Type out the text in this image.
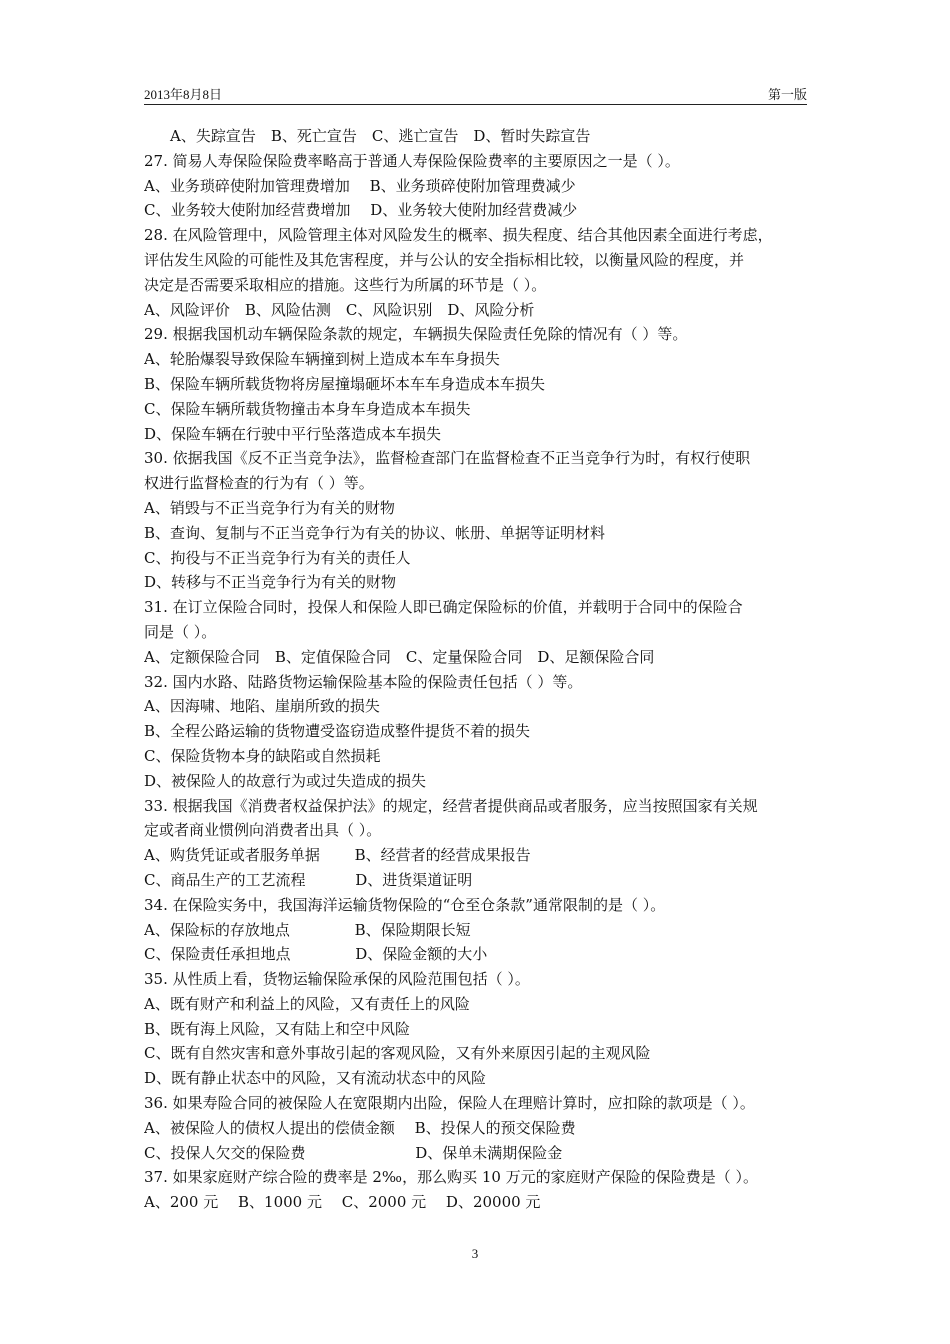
2013年8月8日	第一版
A、失踪宣告　B、死亡宣告　C、逃亡宣告　D、暂时失踪宣告
27. 简易人寿保险保险费率略高于普通人寿保险保险费率的主要原因之一是（ ）。
A、业务琐碎使附加管理费增加　 B、业务琐碎使附加管理费减少
C、业务较大使附加经营费增加　 D、业务较大使附加经营费减少
28. 在风险管理中，风险管理主体对风险发生的概率、损失程度、结合其他因素全面进行考虑，
评估发生风险的可能性及其危害程度，并与公认的安全指标相比较，以衡量风险的程度，并
决定是否需要采取相应的措施。这些行为所属的环节是（ ）。
A、风险评价　B、风险估测　C、风险识别　D、风险分析
29. 根据我国机动车辆保险条款的规定，车辆损失保险责任免除的情况有（ ）等。
A、轮胎爆裂导致保险车辆撞到树上造成本车车身损失
B、保险车辆所载货物将房屋撞塌砸坏本车车身造成本车损失
C、保险车辆所载货物撞击本身车身造成本车损失
D、保险车辆在行驶中平行坠落造成本车损失
30. 依据我国《反不正当竞争法》，监督检查部门在监督检查不正当竞争行为时，有权行使职
权进行监督检查的行为有（ ）等。
A、销毁与不正当竞争行为有关的财物
B、查询、复制与不正当竞争行为有关的协议、帐册、单据等证明材料
C、拘役与不正当竞争行为有关的责任人
D、转移与不正当竞争行为有关的财物
31. 在订立保险合同时，投保人和保险人即已确定保险标的价值，并载明于合同中的保险合
同是（ ）。
A、定额保险合同　B、定值保险合同　C、定量保险合同　D、足额保险合同
32. 国内水路、陆路货物运输保险基本险的保险责任包括（ ）等。
A、因海啸、地陷、崖崩所致的损失
B、全程公路运输的货物遭受盗窃造成整件提货不着的损失
C、保险货物本身的缺陷或自然损耗
D、被保险人的故意行为或过失造成的损失
33. 根据我国《消费者权益保护法》的规定，经营者提供商品或者服务，应当按照国家有关规
定或者商业惯例向消费者出具（ ）。
A、购货凭证或者服务单据　　 B、经营者的经营成果报告
C、商品生产的工艺流程　　　 D、进货渠道证明
34. 在保险实务中，我国海洋运输货物保险的“仓至仓条款”通常限制的是（ ）。
A、保险标的存放地点　　　　 B、保险期限长短
C、保险责任承担地点　　　　 D、保险金额的大小
35. 从性质上看，货物运输保险承保的风险范围包括（ ）。
A、既有财产和利益上的风险，又有责任上的风险
B、既有海上风险，又有陆上和空中风险
C、既有自然灾害和意外事故引起的客观风险，又有外来原因引起的主观风险
D、既有静止状态中的风险，又有流动状态中的风险
36. 如果寿险合同的被保险人在宽限期内出险，保险人在理赔计算时，应扣除的款项是（ ）。
A、被保险人的债权人提出的偿债金额　 B、投保人的预交保险费
C、投保人欠交的保险费　　　　　　　 D、保单未满期保险金
37. 如果家庭财产综合险的费率是 2‰，那么购买 10 万元的家庭财产保险的保险费是（ ）。
A、200 元　 B、1000 元　 C、2000 元　 D、20000 元
3
